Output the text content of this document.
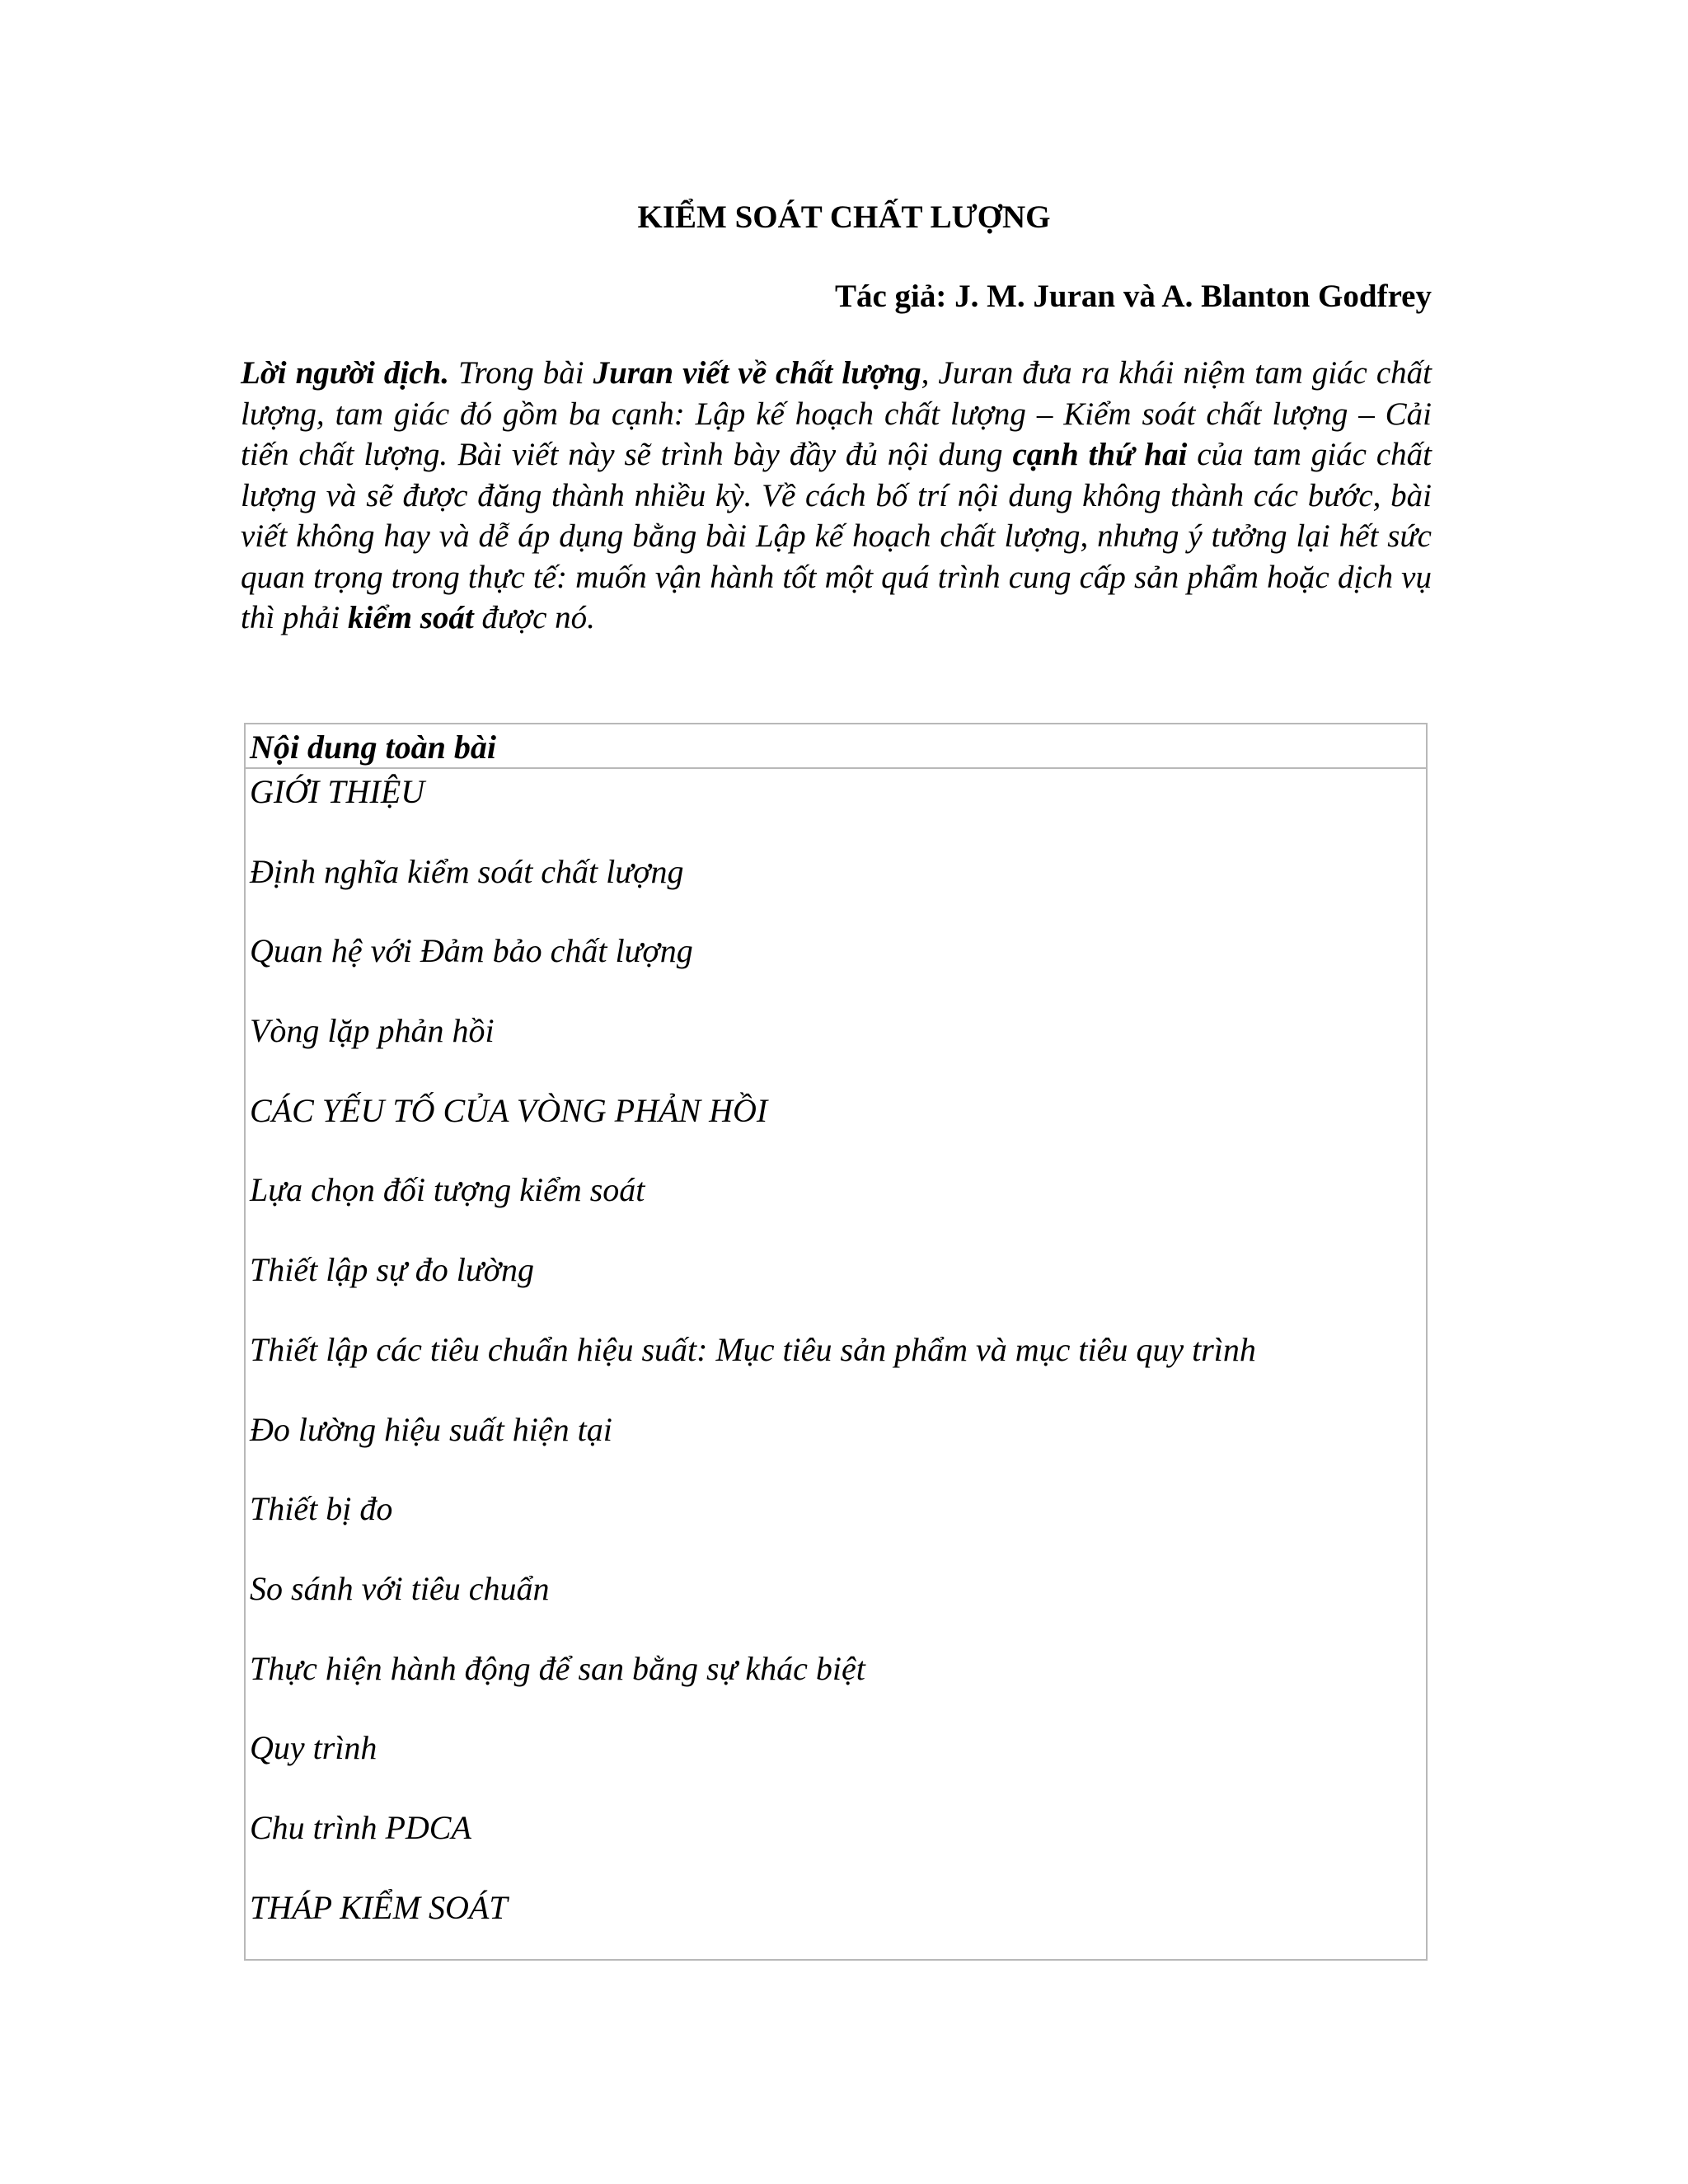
KIỂM SOÁT CHẤT LƯỢNG
Tác giả: J. M. Juran và A. Blanton Godfrey

Lời người dịch. Trong bài Juran viết về chất lượng, Juran đưa ra khái niệm tam giác chất lượng, tam giác đó gồm ba cạnh: Lập kế hoạch chất lượng – Kiểm soát chất lượng – Cải tiến chất lượng. Bài viết này sẽ trình bày đầy đủ nội dung cạnh thứ hai của tam giác chất lượng và sẽ được đăng thành nhiều kỳ. Về cách bố trí nội dung không thành các bước, bài viết không hay và dễ áp dụng bằng bài Lập kế hoạch chất lượng, nhưng ý tưởng lại hết sức quan trọng trong thực tế: muốn vận hành tốt một quá trình cung cấp sản phẩm hoặc dịch vụ thì phải kiểm soát được nó.

Nội dung toàn bài
GIỚI THIỆU
Định nghĩa kiểm soát chất lượng
Quan hệ với Đảm bảo chất lượng
Vòng lặp phản hồi
CÁC YẾU TỐ CỦA VÒNG PHẢN HỒI
Lựa chọn đối tượng kiểm soát
Thiết lập sự đo lường
Thiết lập các tiêu chuẩn hiệu suất: Mục tiêu sản phẩm và mục tiêu quy trình
Đo lường hiệu suất hiện tại
Thiết bị đo
So sánh với tiêu chuẩn
Thực hiện hành động để san bằng sự khác biệt
Quy trình
Chu trình PDCA
THÁP KIỂM SOÁT
